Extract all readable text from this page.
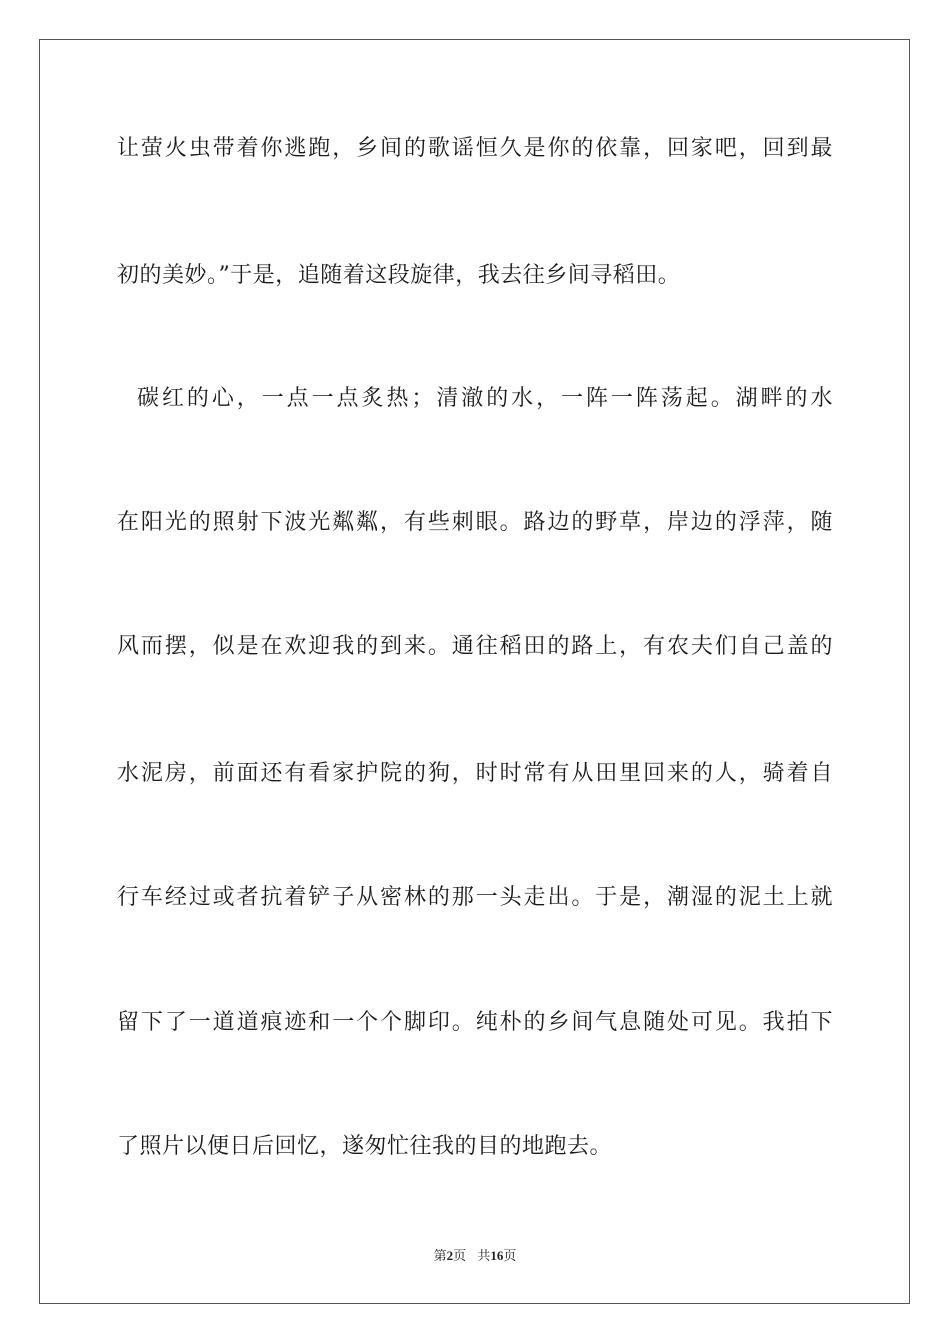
让萤火虫带着你逃跑，乡间的歌谣恒久是你的依靠，回家吧，回到最
初的美妙。”于是，追随着这段旋律，我去往乡间寻稻田。
碳红的心，一点一点炙热；清澈的水，一阵一阵荡起。湖畔的水
在阳光的照射下波光粼粼，有些刺眼。路边的野草，岸边的浮萍，随
风而摆，似是在欢迎我的到来。通往稻田的路上，有农夫们自己盖的
水泥房，前面还有看家护院的狗，时时常有从田里回来的人，骑着自
行车经过或者抗着铲子从密林的那一头走出。于是，潮湿的泥土上就
留下了一道道痕迹和一个个脚印。纯朴的乡间气息随处可见。我拍下
了照片以便日后回忆，遂匆忙往我的目的地跑去。
第2页 共16页
